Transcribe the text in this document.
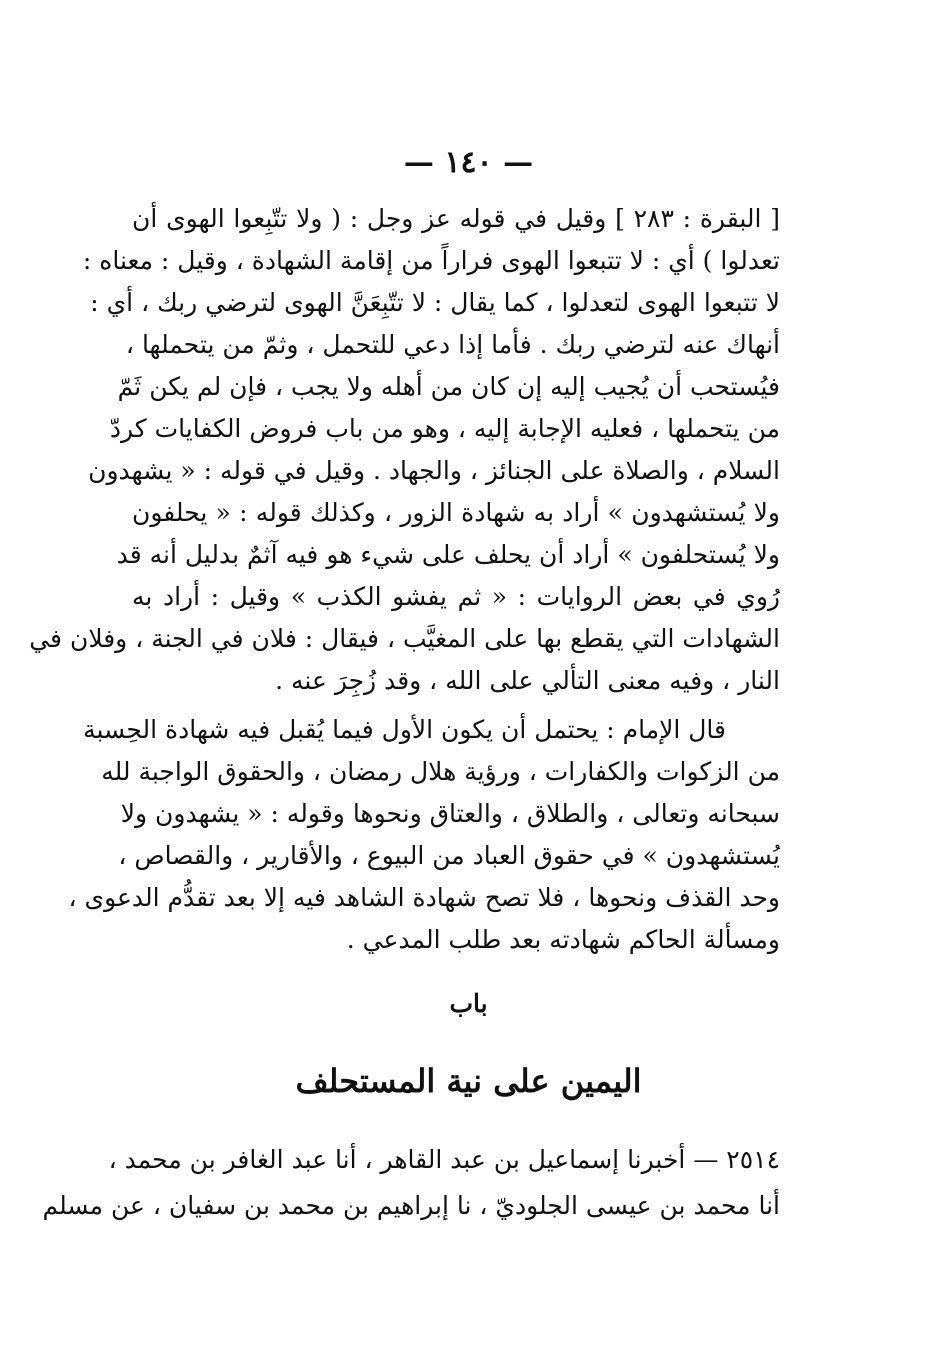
— ١٤٠ —
[ البقرة : ٢٨٣ ] وقيل في قوله عز وجل : ( ولا تتّبِعوا الهوى أن
تعدلوا ) أي : لا تتبعوا الهوى فراراً من إقامة الشهادة ، وقيل : معناه :
لا تتبعوا الهوى لتعدلوا ، كما يقال : لا تتّبِعَنَّ الهوى لترضي ربك ، أي :
أنهاك عنه لترضي ربك . فأما إذا دعي للتحمل ، وثمّ من يتحملها ،
فيُستحب أن يُجيب إليه إن كان من أهله ولا يجب ، فإن لم يكن ثَمّ
من يتحملها ، فعليه الإجابة إليه ، وهو من باب فروض الكفايات كردّ
السلام ، والصلاة على الجنائز ، والجهاد . وقيل في قوله : « يشهدون
ولا يُستشهدون » أراد به شهادة الزور ، وكذلك قوله : « يحلفون
ولا يُستحلفون » أراد أن يحلف على شيء هو فيه آثمٌ بدليل أنه قد
رُوي في بعض الروايات : « ثم يفشو الكذب » وقيل : أراد به
الشهادات التي يقطع بها على المغيَّب ، فيقال : فلان في الجنة ، وفلان في
النار ، وفيه معنى التألي على الله ، وقد زُجِرَ عنه .
قال الإمام : يحتمل أن يكون الأول فيما يُقبل فيه شهادة الحِسبة
من الزكوات والكفارات ، ورؤية هلال رمضان ، والحقوق الواجبة لله
سبحانه وتعالى ، والطلاق ، والعتاق ونحوها وقوله : « يشهدون ولا
يُستشهدون » في حقوق العباد من البيوع ، والأقارير ، والقصاص ،
وحد القذف ونحوها ، فلا تصح شهادة الشاهد فيه إلا بعد تقدُّم الدعوى ،
ومسألة الحاكم شهادته بعد طلب المدعي .
باب
اليمين على نية المستحلف
٢٥١٤ — أخبرنا إسماعيل بن عبد القاهر ، أنا عبد الغافر بن محمد ،
أنا محمد بن عيسى الجلوديّ ، نا إبراهيم بن محمد بن سفيان ، عن مسلم
